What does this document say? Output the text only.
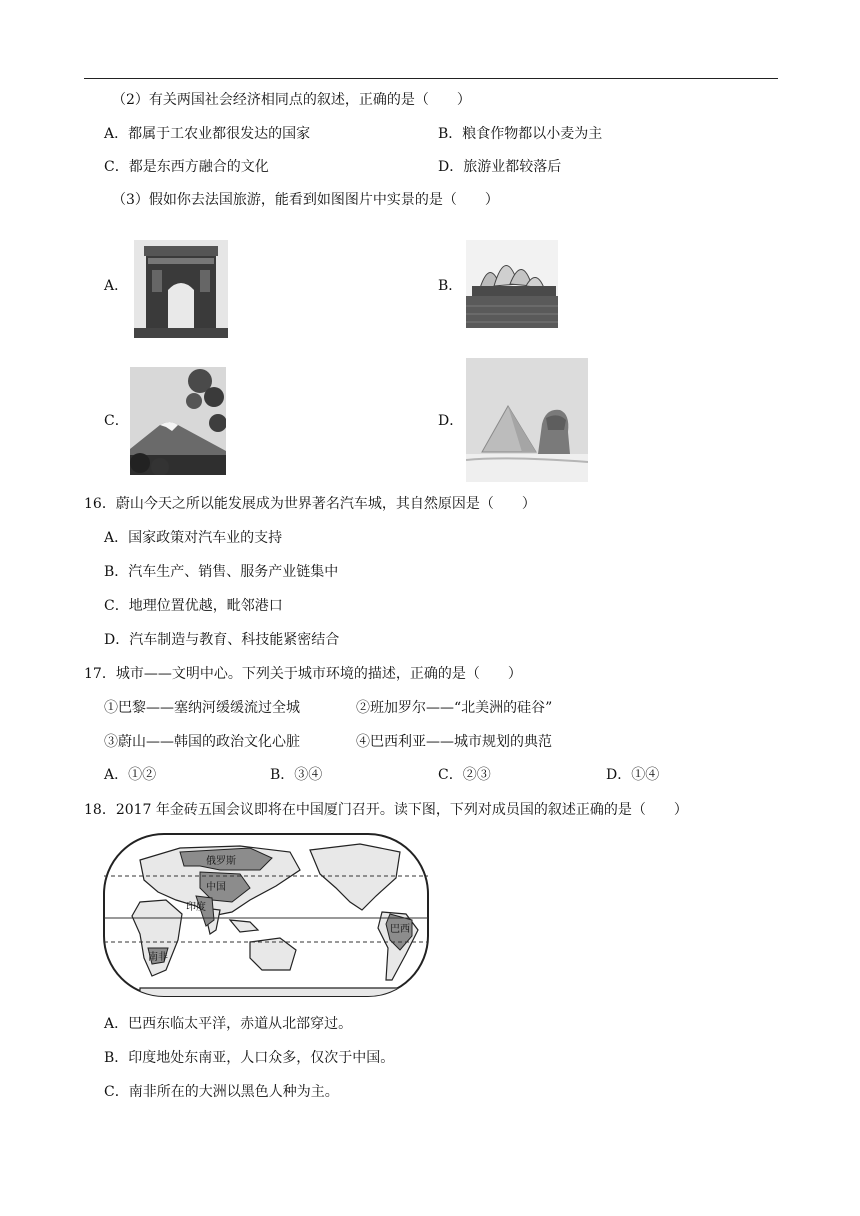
（2）有关两国社会经济相同点的叙述，正确的是（　　）
A．都属于工农业都很发达的国家	B．粮食作物都以小麦为主
C．都是东西方融合的文化	D．旅游业都较落后
（3）假如你去法国旅游，能看到如图图片中实景的是（　　）
A．	B．
C．	D．
16．蔚山今天之所以能发展成为世界著名汽车城，其自然原因是（　　）
A．国家政策对汽车业的支持
B．汽车生产、销售、服务产业链集中
C．地理位置优越，毗邻港口
D．汽车制造与教育、科技能紧密结合
17．城市——文明中心。下列关于城市环境的描述，正确的是（　　）
①巴黎——塞纳河缓缓流过全城	②班加罗尔——“北美洲的硅谷”
③蔚山——韩国的政治文化心脏	④巴西利亚——城市规划的典范
A．①②	B．③④	C．②③	D．①④
18．2017 年金砖五国会议即将在中国厦门召开。读下图，下列对成员国的叙述正确的是（　　）
俄罗斯
中国
印度
巴西
南非
A．巴西东临太平洋，赤道从北部穿过。
B．印度地处东南亚，人口众多，仅次于中国。
C．南非所在的大洲以黑色人种为主。
